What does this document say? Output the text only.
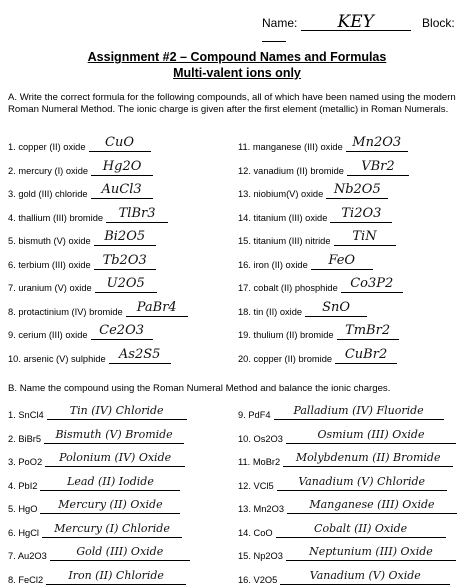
Name: KEY	Block:
Assignment #2 – Compound Names and Formulas
Multi-valent ions only
A. Write the correct formula for the following compounds, all of which have been named using the modern Roman Numeral Method. The ionic charge is given after the first element (metallic) in Roman Numerals.
1. copper (II) oxide	CuO
2. mercury (I) oxide	Hg2O
3. gold (III) chloride	AuCl3
4. thallium (III) bromide	TlBr3
5. bismuth (V) oxide	Bi2O5
6. terbium (III) oxide Tb2O3
7. uranium (V) oxide	U2O5
8. protactinium (IV) bromide	PaBr4
9. cerium (III) oxide Ce2O3
10. arsenic (V) sulphide	As2S5
11. manganese (III) oxide Mn2O3
12. vanadium (II) bromide	VBr2
13. niobium(V) oxide Nb2O5
14. titanium (III) oxide	Ti2O3
15. titanium (III) nitride	TiN
16. iron (II) oxide	FeO
17. cobalt (II) phosphide Co3P2
18. tin (II) oxide	SnO
19. thulium (II) bromide TmBr2
20. copper (II) bromide CuBr2
B. Name the compound using the Roman Numeral Method and balance the ionic charges.
1. SnCl4	Tin (IV) Chloride
2. BiBr5	Bismuth (V) Bromide
3. PoO2	Polonium (IV) Oxide
4. PbI2	Lead (II) Iodide
5. HgO	Mercury (II) Oxide
6. HgCl	Mercury (I) Chloride
7. Au2O3	Gold (III) Oxide
8. FeCl2	Iron (II) Chloride
9. PdF4	Palladium (IV) Fluoride
10. Os2O3	Osmium (III) Oxide
11. MoBr2	Molybdenum (II) Bromide
12. VCl5	Vanadium (V) Chloride
13. Mn2O3	Manganese (III) Oxide
14. CoO	Cobalt (II) Oxide
15. Np2O3	Neptunium (III) Oxide
16. V2O5	Vanadium (V) Oxide
